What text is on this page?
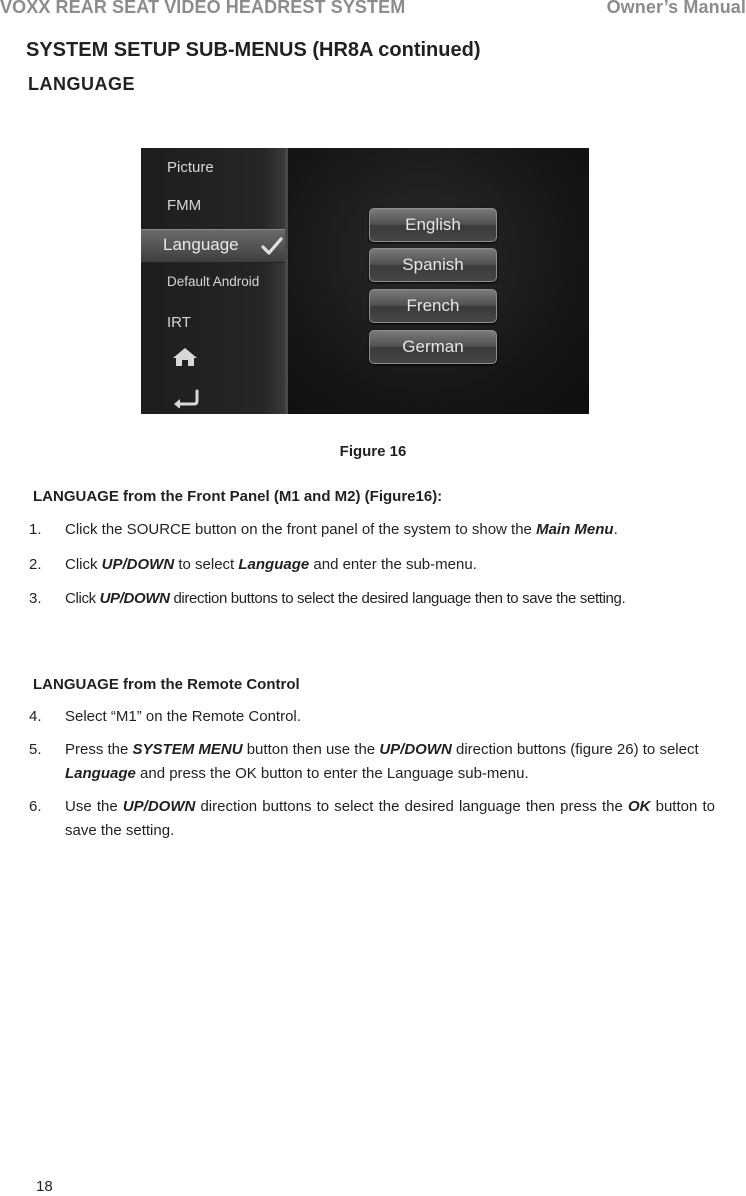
VOXX REAR SEAT VIDEO HEADREST SYSTEM	Owner’s Manual
SYSTEM SETUP SUB-MENUS (HR8A continued)
LANGUAGE
Picture
FMM
Language
Default Android
IRT
English
Spanish
French
German
Figure 16
LANGUAGE from the Front Panel (M1 and M2) (Figure16):
1. Click the SOURCE button on the front panel of the system to show the Main Menu.
2. Click UP/DOWN to select Language and enter the sub-menu.
3. Click UP/DOWN direction buttons to select the desired language then to save the setting.
LANGUAGE from the Remote Control
4. Select “M1” on the Remote Control.
5. Press the SYSTEM MENU button then use the UP/DOWN direction buttons (figure 26) to select Language and press the OK button to enter the Language sub-menu.
6. Use the UP/DOWN direction buttons to select the desired language then press the OK button to save the setting.
18
